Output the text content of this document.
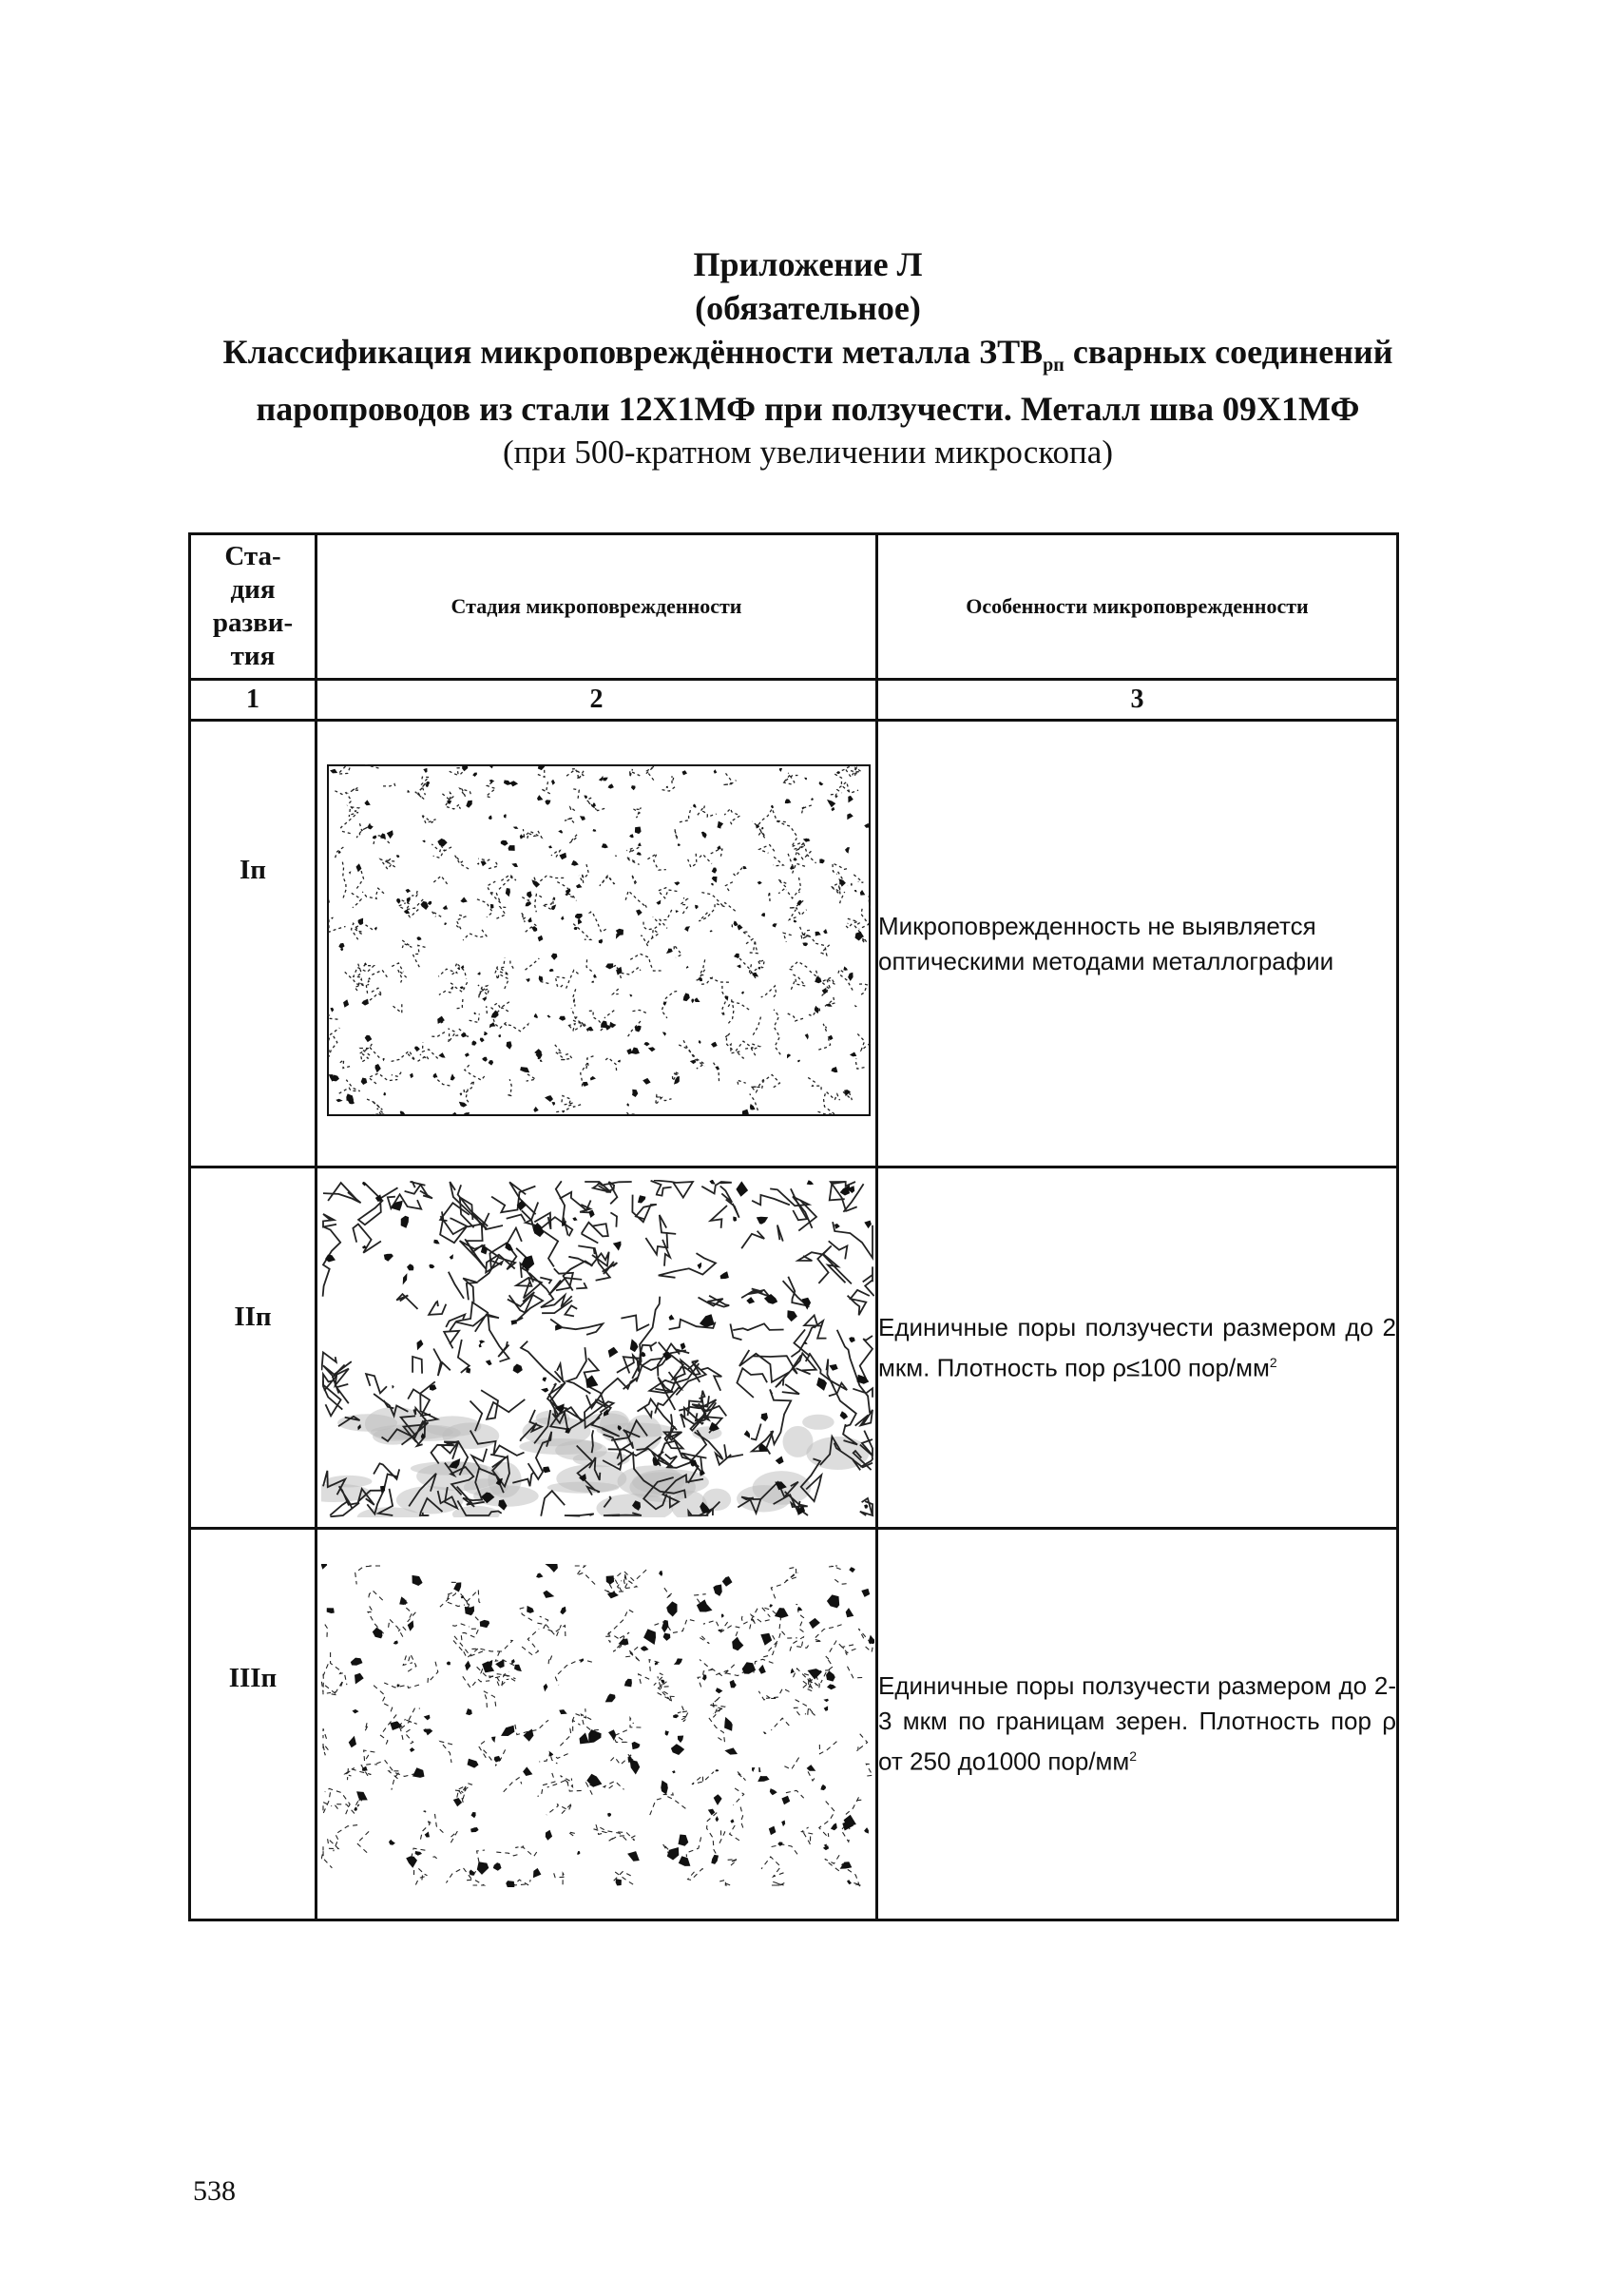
Приложение Л
(обязательное)
Классификация микроповреждённости металла $ЗТВ_{рп}$ сварных соединений
паропроводов из стали 12Х1МФ при ползучести. Металл шва 09Х1МФ
(при 500-кратном увеличении микроскопа)
Ста-
дия
разви-
тия	Стадия микроповрежденности	Особенности микроповрежденности
1	2	3

Iп		Микроповрежденность не выявляется оптическими методами металлографии

IIп		Единичные поры ползучести размером до 2 мкм. Плотность пор ρ≤100 пор/$мм^2$

IIIп		Единичные поры ползучести размером до 2-3 мкм по границам зерен. Плотность пор ρ от 250 до1000 пор/$мм^2$
538
